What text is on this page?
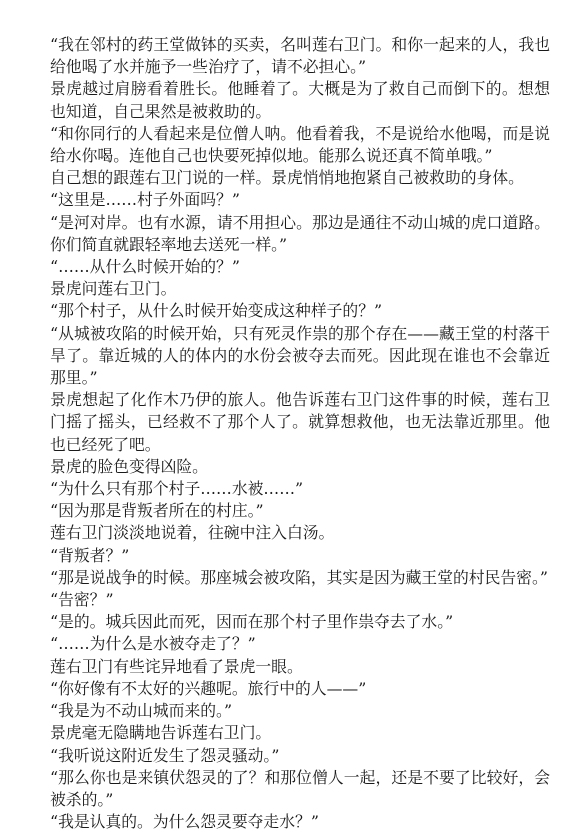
“我在邻村的药王堂做钵的买卖，名叫莲右卫门。和你一起来的人，我也给他喝了水并施予一些治疗了，请不必担心。”

景虎越过肩膀看着胜长。他睡着了。大概是为了救自己而倒下的。想想也知道，自己果然是被救助的。

“和你同行的人看起来是位僧人呐。他看着我，不是说给水他喝，而是说给水你喝。连他自己也快要死掉似地。能那么说还真不简单哦。”

自己想的跟莲右卫门说的一样。景虎悄悄地抱紧自己被救助的身体。

“这里是……村子外面吗？”

“是河对岸。也有水源，请不用担心。那边是通往不动山城的虎口道路。你们简直就跟轻率地去送死一样。”

“……从什么时候开始的？”

景虎问莲右卫门。

“那个村子，从什么时候开始变成这种样子的？”

“从城被攻陷的时候开始，只有死灵作祟的那个存在——藏王堂的村落干旱了。靠近城的人的体内的水份会被夺去而死。因此现在谁也不会靠近那里。”

景虎想起了化作木乃伊的旅人。他告诉莲右卫门这件事的时候，莲右卫门摇了摇头，已经救不了那个人了。就算想救他，也无法靠近那里。他也已经死了吧。

景虎的脸色变得凶险。

“为什么只有那个村子……水被……”

“因为那是背叛者所在的村庄。”

莲右卫门淡淡地说着，往碗中注入白汤。

“背叛者？”

“那是说战争的时候。那座城会被攻陷，其实是因为藏王堂的村民告密。”

“告密？”

“是的。城兵因此而死，因而在那个村子里作祟夺去了水。”

“……为什么是水被夺走了？”

莲右卫门有些诧异地看了景虎一眼。

“你好像有不太好的兴趣呢。旅行中的人——”

“我是为不动山城而来的。”

景虎毫无隐瞒地告诉莲右卫门。

“我听说这附近发生了怨灵骚动。”

“那么你也是来镇伏怨灵的了？和那位僧人一起，还是不要了比较好，会被杀的。”

“我是认真的。为什么怨灵要夺走水？”
